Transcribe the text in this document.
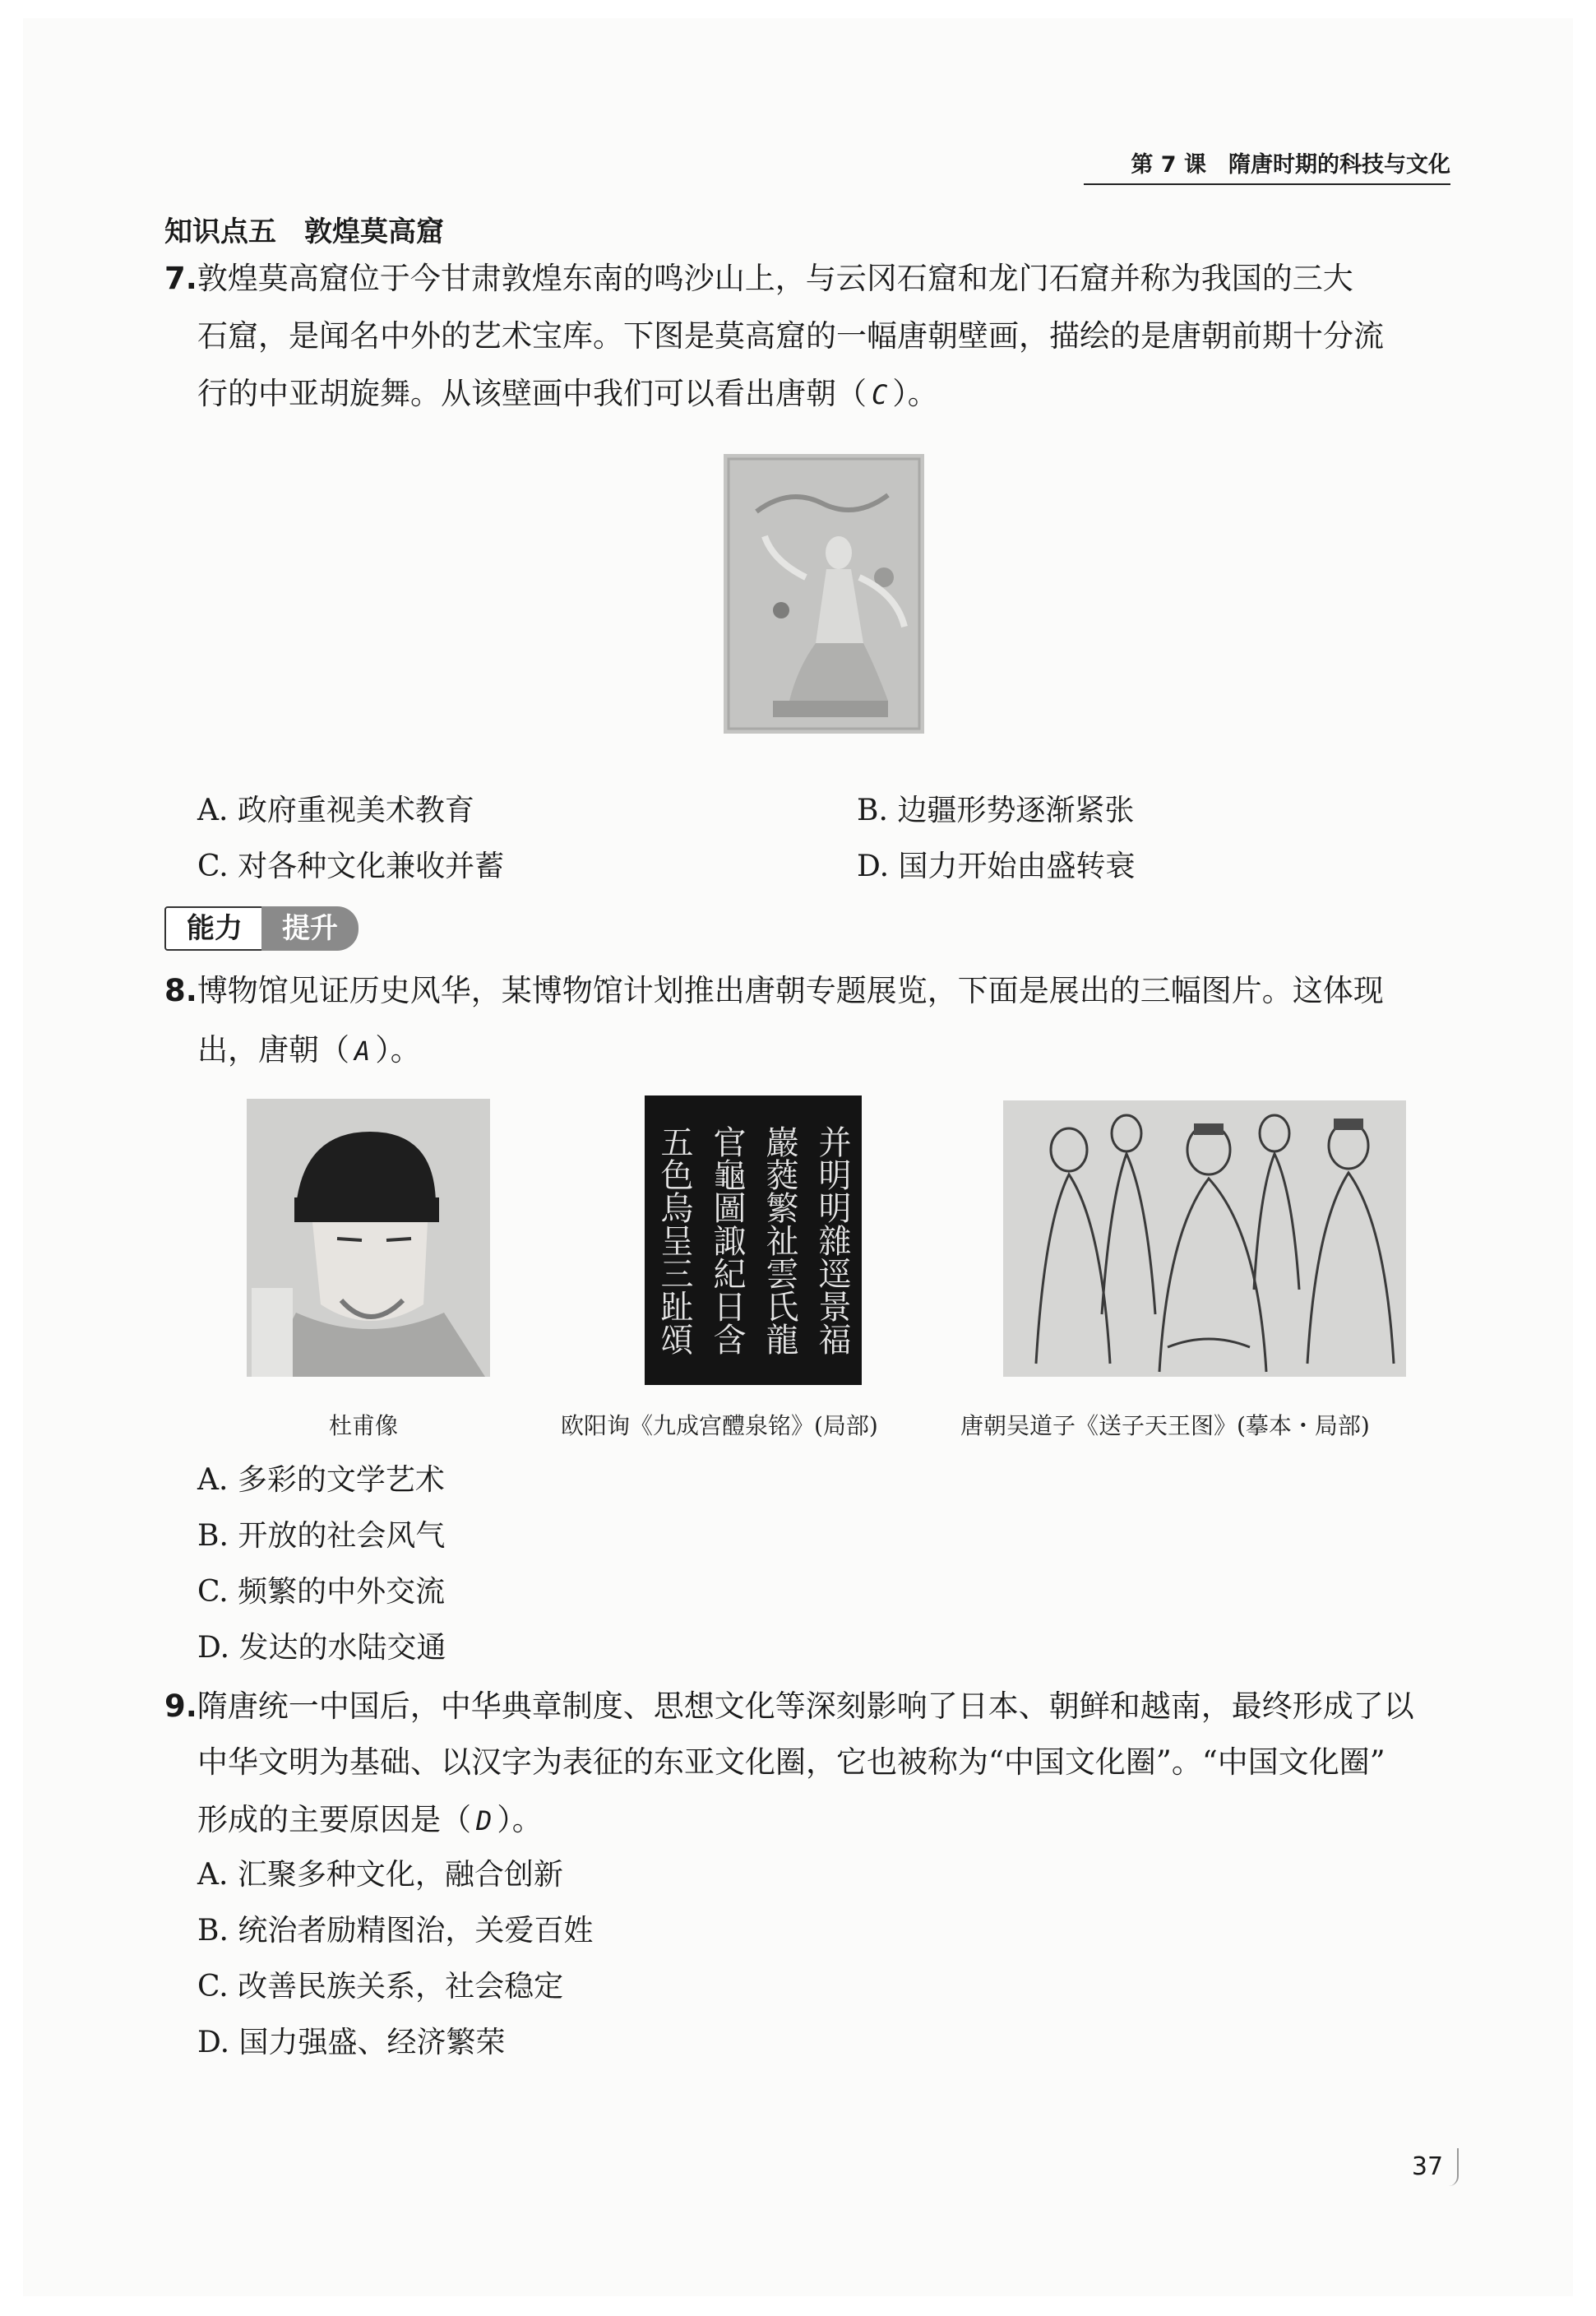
第 7 课　隋唐时期的科技与文化
知识点五　敦煌莫高窟
7.敦煌莫高窟位于今甘肃敦煌东南的鸣沙山上，与云冈石窟和龙门石窟并称为我国的三大
石窟，是闻名中外的艺术宝库。下图是莫高窟的一幅唐朝壁画，描绘的是唐朝前期十分流
行的中亚胡旋舞。从该壁画中我们可以看出唐朝（ C ）。
A. 政府重视美术教育	B. 边疆形势逐渐紧张
C. 对各种文化兼收并蓄	D. 国力开始由盛转衰
能力	提升
8.博物馆见证历史风华，某博物馆计划推出唐朝专题展览，下面是展出的三幅图片。这体现
出，唐朝（ A ）。
并明明雜逕景福
巖蕤繁祉雲氏龍
官龜圖諏紀日含
五色烏呈三趾頌
杜甫像	欧阳询《九成宫醴泉铭》(局部)	唐朝吴道子《送子天王图》(摹本・局部)
A. 多彩的文学艺术
B. 开放的社会风气
C. 频繁的中外交流
D. 发达的水陆交通
9.隋唐统一中国后，中华典章制度、思想文化等深刻影响了日本、朝鲜和越南，最终形成了以
中华文明为基础、以汉字为表征的东亚文化圈，它也被称为“中国文化圈”。“中国文化圈”
形成的主要原因是（ D ）。
A. 汇聚多种文化，融合创新
B. 统治者励精图治，关爱百姓
C. 改善民族关系，社会稳定
D. 国力强盛、经济繁荣
37
